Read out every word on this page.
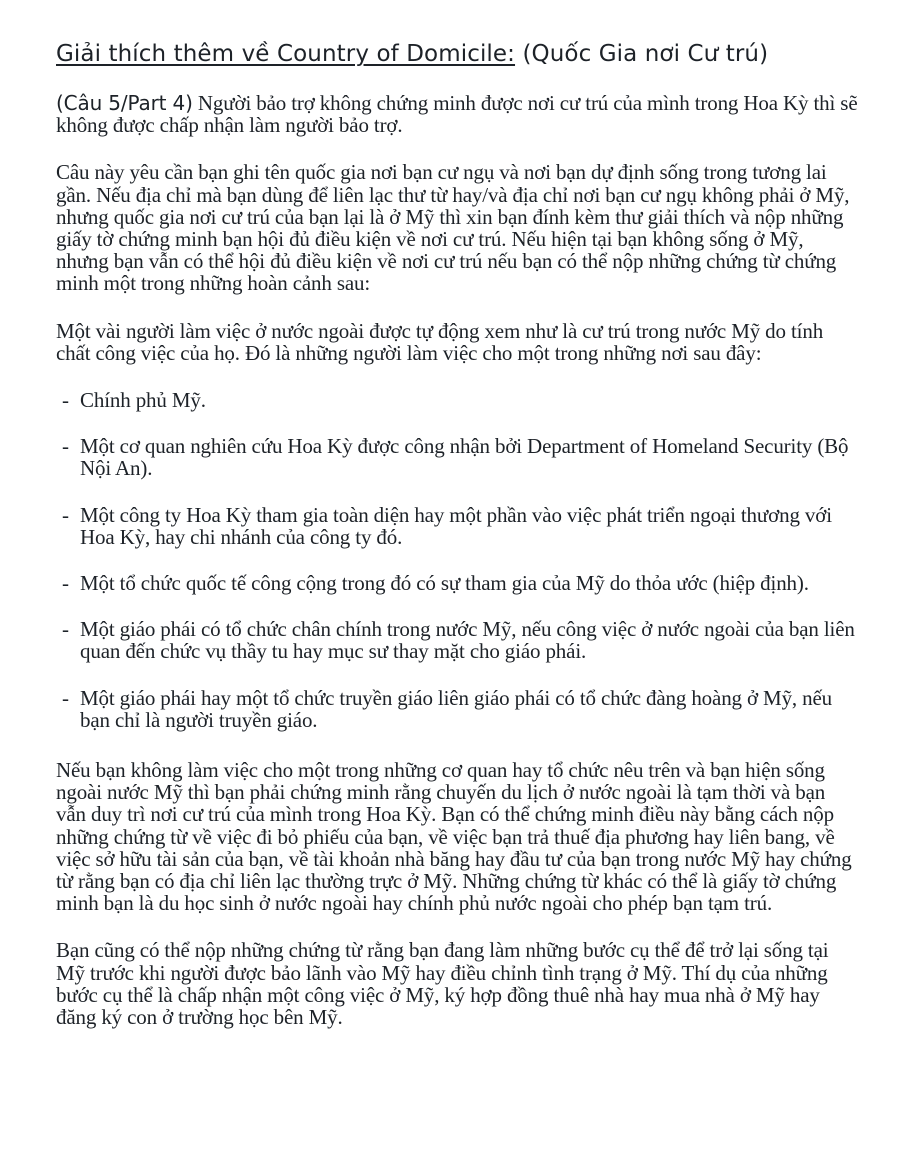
Giải thích thêm về Country of Domicile: (Quốc Gia nơi Cư trú)

(Câu 5/Part 4) Người bảo trợ không chứng minh được nơi cư trú của mình trong Hoa Kỳ thì sẽ không được chấp nhận làm người bảo trợ.

Câu này yêu cần bạn ghi tên quốc gia nơi bạn cư ngụ và nơi bạn dự định sống trong tương lai gần. Nếu địa chỉ mà bạn dùng để liên lạc thư từ hay/và địa chỉ nơi bạn cư ngụ không phải ở Mỹ, nhưng quốc gia nơi cư trú của bạn lại là ở Mỹ thì xin bạn đính kèm thư giải thích và nộp những giấy tờ chứng minh bạn hội đủ điều kiện về nơi cư trú. Nếu hiện tại bạn không sống ở Mỹ, nhưng bạn vẫn có thể hội đủ điều kiện về nơi cư trú nếu bạn có thể nộp những chứng từ chứng minh một trong những hoàn cảnh sau:

Một vài người làm việc ở nước ngoài được tự động xem như là cư trú trong nước Mỹ do tính chất công việc của họ. Đó là những người làm việc cho một trong những nơi sau đây:

- Chính phủ Mỹ.
- Một cơ quan nghiên cứu Hoa Kỳ được công nhận bởi Department of Homeland Security (Bộ Nội An).
- Một công ty Hoa Kỳ tham gia toàn diện hay một phần vào việc phát triển ngoại thương với Hoa Kỳ, hay chi nhánh của công ty đó.
- Một tổ chức quốc tế công cộng trong đó có sự tham gia của Mỹ do thỏa ước (hiệp định).
- Một giáo phái có tổ chức chân chính trong nước Mỹ, nếu công việc ở nước ngoài của bạn liên quan đến chức vụ thầy tu hay mục sư thay mặt cho giáo phái.
- Một giáo phái hay một tổ chức truyền giáo liên giáo phái có tổ chức đàng hoàng ở Mỹ, nếu bạn chỉ là người truyền giáo.

Nếu bạn không làm việc cho một trong những cơ quan hay tổ chức nêu trên và bạn hiện sống ngoài nước Mỹ thì bạn phải chứng minh rằng chuyến du lịch ở nước ngoài là tạm thời và bạn vẫn duy trì nơi cư trú của mình trong Hoa Kỳ. Bạn có thể chứng minh điều này bằng cách nộp những chứng từ về việc đi bỏ phiếu của bạn, về việc bạn trả thuế địa phương hay liên bang, về việc sở hữu tài sản của bạn, về tài khoản nhà băng hay đầu tư của bạn trong nước Mỹ hay chứng từ rằng bạn có địa chỉ liên lạc thường trực ở Mỹ. Những chứng từ khác có thể là giấy tờ chứng minh bạn là du học sinh ở nước ngoài hay chính phủ nước ngoài cho phép bạn tạm trú.

Bạn cũng có thể nộp những chứng từ rằng bạn đang làm những bước cụ thể để trở lại sống tại Mỹ trước khi người được bảo lãnh vào Mỹ hay điều chỉnh tình trạng ở Mỹ. Thí dụ của những bước cụ thể là chấp nhận một công việc ở Mỹ, ký hợp đồng thuê nhà hay mua nhà ở Mỹ hay đăng ký con ở trường học bên Mỹ.
